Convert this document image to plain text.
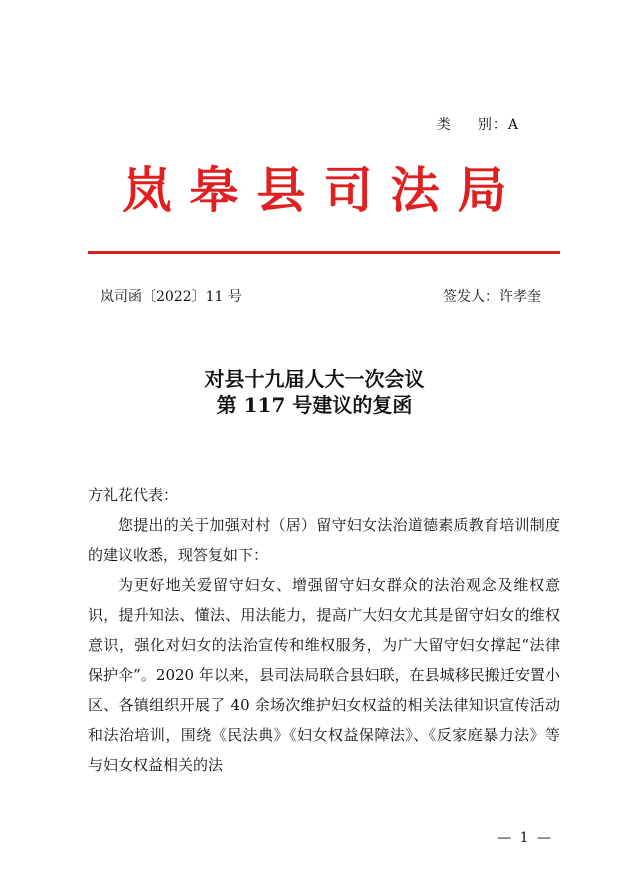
类 别：A
岚皋县司法局
岚司函〔2022〕11 号	签发人：许孝奎
对县十九届人大一次会议
第 117 号建议的复函
方礼花代表：
您提出的关于加强对村（居）留守妇女法治道德素质教育培训制度的建议收悉，现答复如下：
为更好地关爱留守妇女、增强留守妇女群众的法治观念及维权意识，提升知法、懂法、用法能力，提高广大妇女尤其是留守妇女的维权意识，强化对妇女的法治宣传和维权服务，为广大留守妇女撑起“法律保护伞”。2020 年以来，县司法局联合县妇联，在县城移民搬迁安置小区、各镇组织开展了 40 余场次维护妇女权益的相关法律知识宣传活动和法治培训，围绕《民法典》《妇女权益保障法》、《反家庭暴力法》等与妇女权益相关的法
— 1 —
